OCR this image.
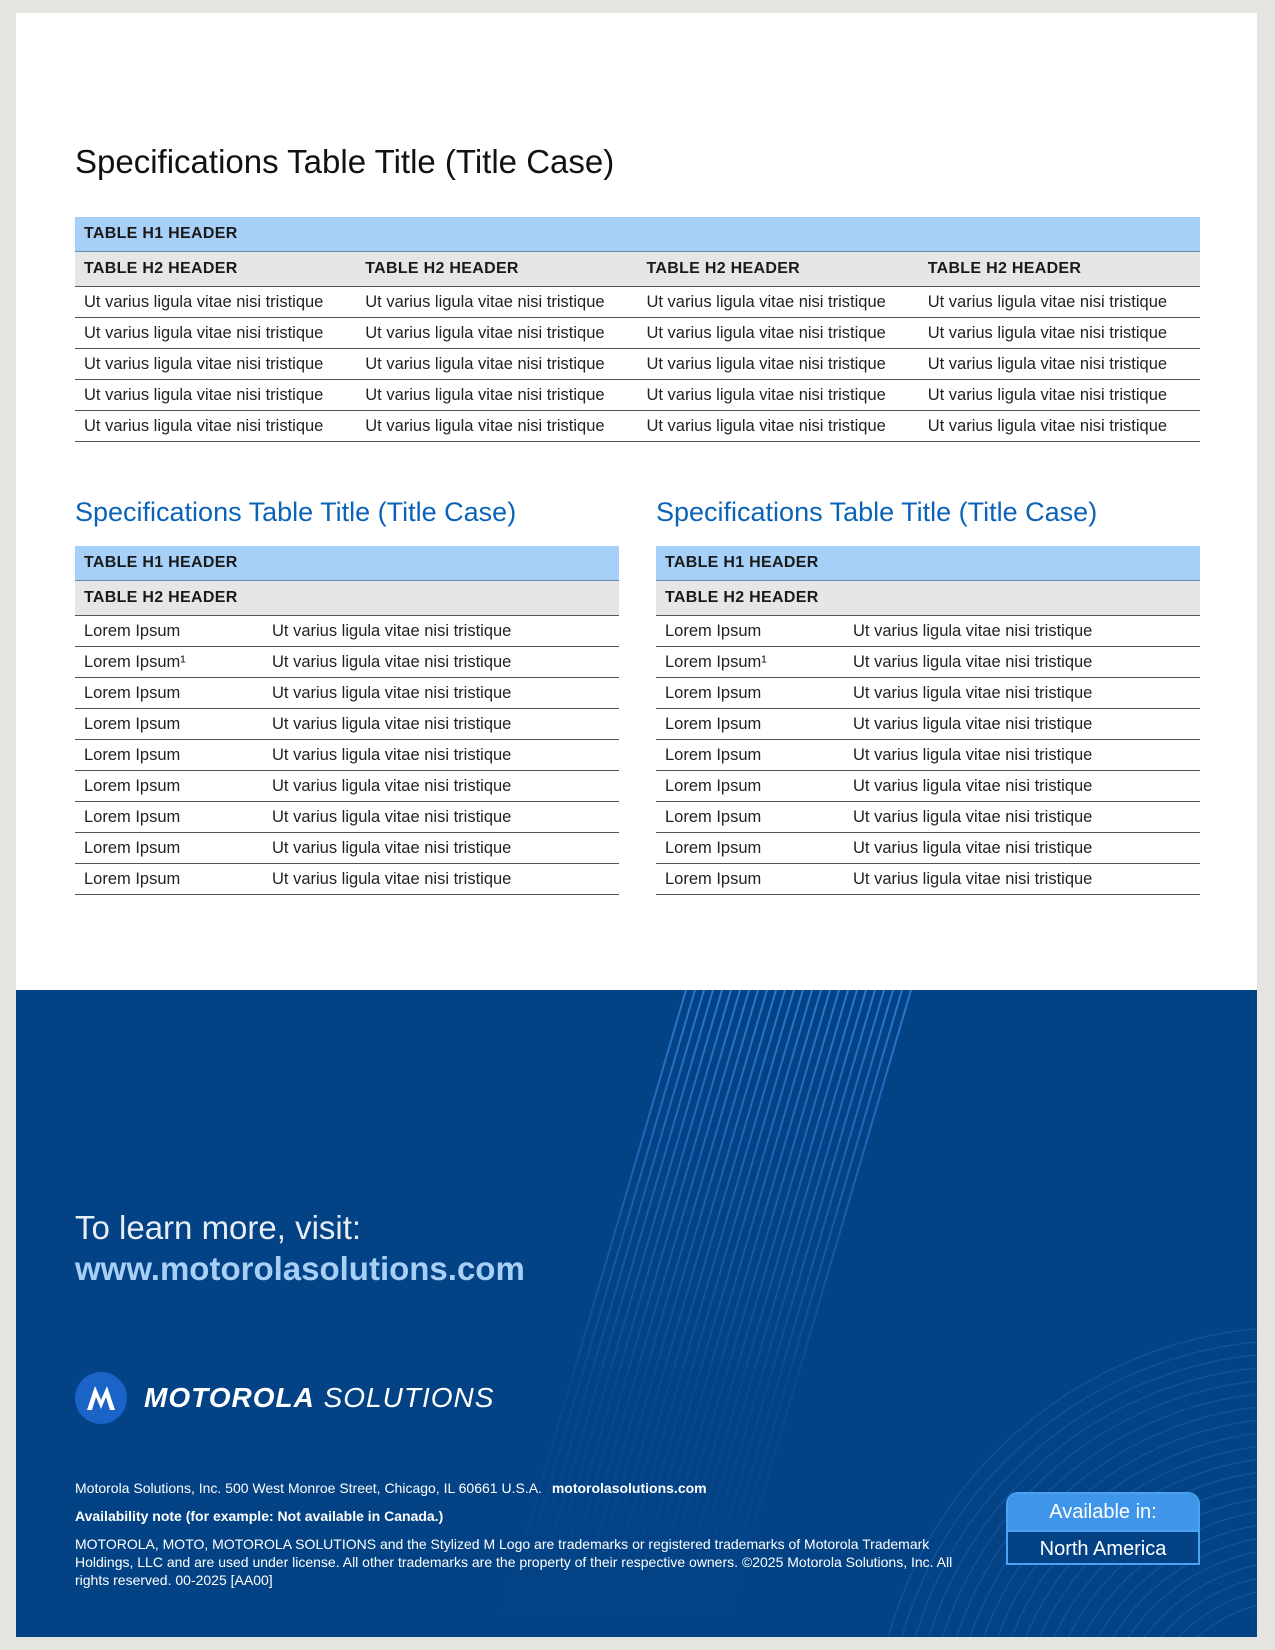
Specifications Table Title (Title Case)
TABLE H1 HEADER			
TABLE H2 HEADER	TABLE H2 HEADER	TABLE H2 HEADER	TABLE H2 HEADER
Ut varius ligula vitae nisi tristique	Ut varius ligula vitae nisi tristique	Ut varius ligula vitae nisi tristique	Ut varius ligula vitae nisi tristique
Ut varius ligula vitae nisi tristique	Ut varius ligula vitae nisi tristique	Ut varius ligula vitae nisi tristique	Ut varius ligula vitae nisi tristique
Ut varius ligula vitae nisi tristique	Ut varius ligula vitae nisi tristique	Ut varius ligula vitae nisi tristique	Ut varius ligula vitae nisi tristique
Ut varius ligula vitae nisi tristique	Ut varius ligula vitae nisi tristique	Ut varius ligula vitae nisi tristique	Ut varius ligula vitae nisi tristique
Ut varius ligula vitae nisi tristique	Ut varius ligula vitae nisi tristique	Ut varius ligula vitae nisi tristique	Ut varius ligula vitae nisi tristique
Specifications Table Title (Title Case)
TABLE H1 HEADER	
TABLE H2 HEADER	
Lorem Ipsum	Ut varius ligula vitae nisi tristique
Lorem Ipsum¹	Ut varius ligula vitae nisi tristique
Lorem Ipsum	Ut varius ligula vitae nisi tristique
Lorem Ipsum	Ut varius ligula vitae nisi tristique
Lorem Ipsum	Ut varius ligula vitae nisi tristique
Lorem Ipsum	Ut varius ligula vitae nisi tristique
Lorem Ipsum	Ut varius ligula vitae nisi tristique
Lorem Ipsum	Ut varius ligula vitae nisi tristique
Lorem Ipsum	Ut varius ligula vitae nisi tristique
Specifications Table Title (Title Case)
TABLE H1 HEADER	
TABLE H2 HEADER	
Lorem Ipsum	Ut varius ligula vitae nisi tristique
Lorem Ipsum¹	Ut varius ligula vitae nisi tristique
Lorem Ipsum	Ut varius ligula vitae nisi tristique
Lorem Ipsum	Ut varius ligula vitae nisi tristique
Lorem Ipsum	Ut varius ligula vitae nisi tristique
Lorem Ipsum	Ut varius ligula vitae nisi tristique
Lorem Ipsum	Ut varius ligula vitae nisi tristique
Lorem Ipsum	Ut varius ligula vitae nisi tristique
Lorem Ipsum	Ut varius ligula vitae nisi tristique
To learn more, visit:
www.motorolasolutions.com
MOTOROLA SOLUTIONS
Motorola Solutions, Inc. 500 West Monroe Street, Chicago, IL 60661 U.S.A. motorolasolutions.com
Availability note (for example: Not available in Canada.)
MOTOROLA, MOTO, MOTOROLA SOLUTIONS and the Stylized M Logo are trademarks or registered trademarks of Motorola Trademark Holdings, LLC and are used under license. All other trademarks are the property of their respective owners. ©2025 Motorola Solutions, Inc. All rights reserved. 00-2025 [AA00]
Available in:
North America
